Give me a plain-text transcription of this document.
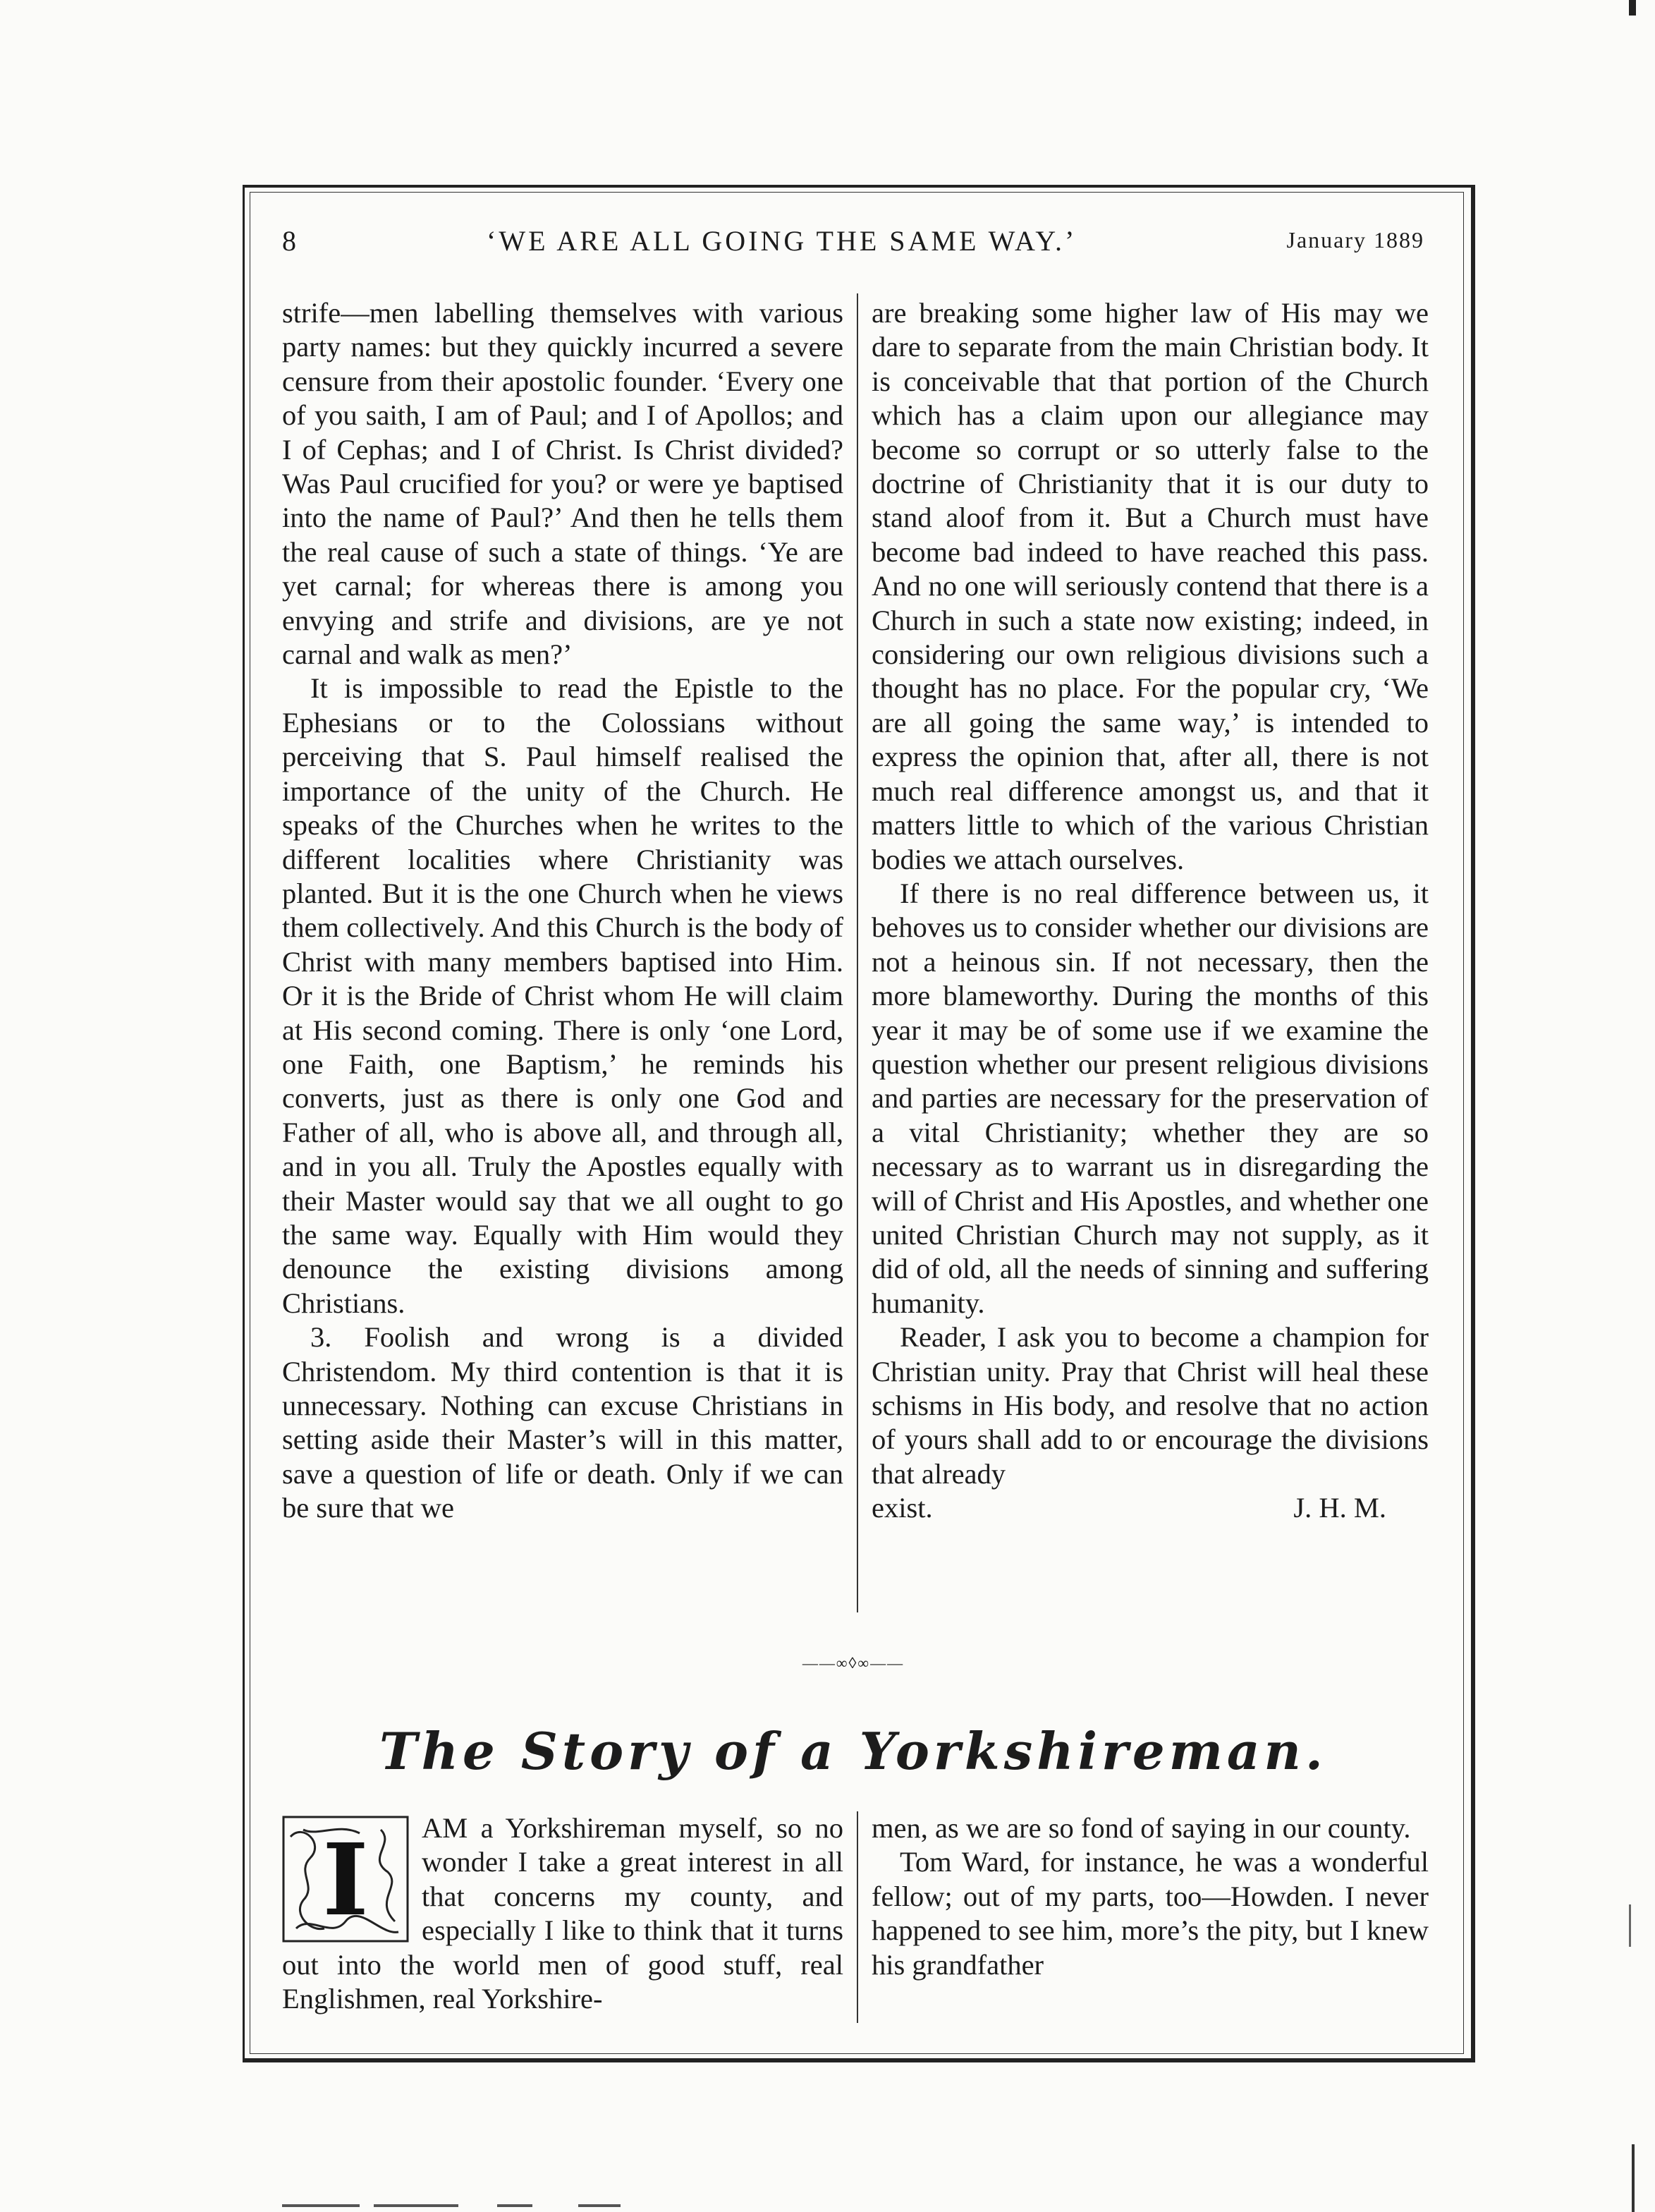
8	‘WE ARE ALL GOING THE SAME WAY.’	January 1889

strife—men labelling themselves with various party names: but they quickly incurred a severe censure from their apostolic founder. ‘Every one of you saith, I am of Paul; and I of Apollos; and I of Cephas; and I of Christ. Is Christ divided? Was Paul crucified for you? or were ye baptised into the name of Paul?’ And then he tells them the real cause of such a state of things. ‘Ye are yet carnal; for whereas there is among you envying and strife and divisions, are ye not carnal and walk as men?’

It is impossible to read the Epistle to the Ephesians or to the Colossians without perceiving that S. Paul himself realised the importance of the unity of the Church. He speaks of the Churches when he writes to the different localities where Christianity was planted. But it is the one Church when he views them collectively. And this Church is the body of Christ with many members baptised into Him. Or it is the Bride of Christ whom He will claim at His second coming. There is only ‘one Lord, one Faith, one Baptism,’ he reminds his converts, just as there is only one God and Father of all, who is above all, and through all, and in you all. Truly the Apostles equally with their Master would say that we all ought to go the same way. Equally with Him would they denounce the existing divisions among Christians.

3. Foolish and wrong is a divided Christendom. My third contention is that it is unnecessary. Nothing can excuse Christians in setting aside their Master’s will in this matter, save a question of life or death. Only if we can be sure that we

are breaking some higher law of His may we dare to separate from the main Christian body. It is conceivable that that portion of the Church which has a claim upon our allegiance may become so corrupt or so utterly false to the doctrine of Christianity that it is our duty to stand aloof from it. But a Church must have become bad indeed to have reached this pass. And no one will seriously contend that there is a Church in such a state now existing; indeed, in considering our own religious divisions such a thought has no place. For the popular cry, ‘We are all going the same way,’ is intended to express the opinion that, after all, there is not much real difference amongst us, and that it matters little to which of the various Christian bodies we attach ourselves.

If there is no real difference between us, it behoves us to consider whether our divisions are not a heinous sin. If not necessary, then the more blameworthy. During the months of this year it may be of some use if we examine the question whether our present religious divisions and parties are necessary for the preservation of a vital Christianity; whether they are so necessary as to warrant us in disregarding the will of Christ and His Apostles, and whether one united Christian Church may not supply, as it did of old, all the needs of sinning and suffering humanity.

Reader, I ask you to become a champion for Christian unity. Pray that Christ will heal these schisms in His body, and resolve that no action of yours shall add to or encourage the divisions that already

exist.	J. H. M.
——∞◊∞——
The Story of a Yorkshireman.
I	AM a Yorkshireman myself, so no wonder I take a great interest in all that concerns my county, and especially I like to think that it turns out into the world men of good stuff, real Englishmen, real Yorkshire-

men, as we are so fond of saying in our county.

Tom Ward, for instance, he was a wonderful fellow; out of my parts, too—Howden. I never happened to see him, more’s the pity, but I knew his grandfather
